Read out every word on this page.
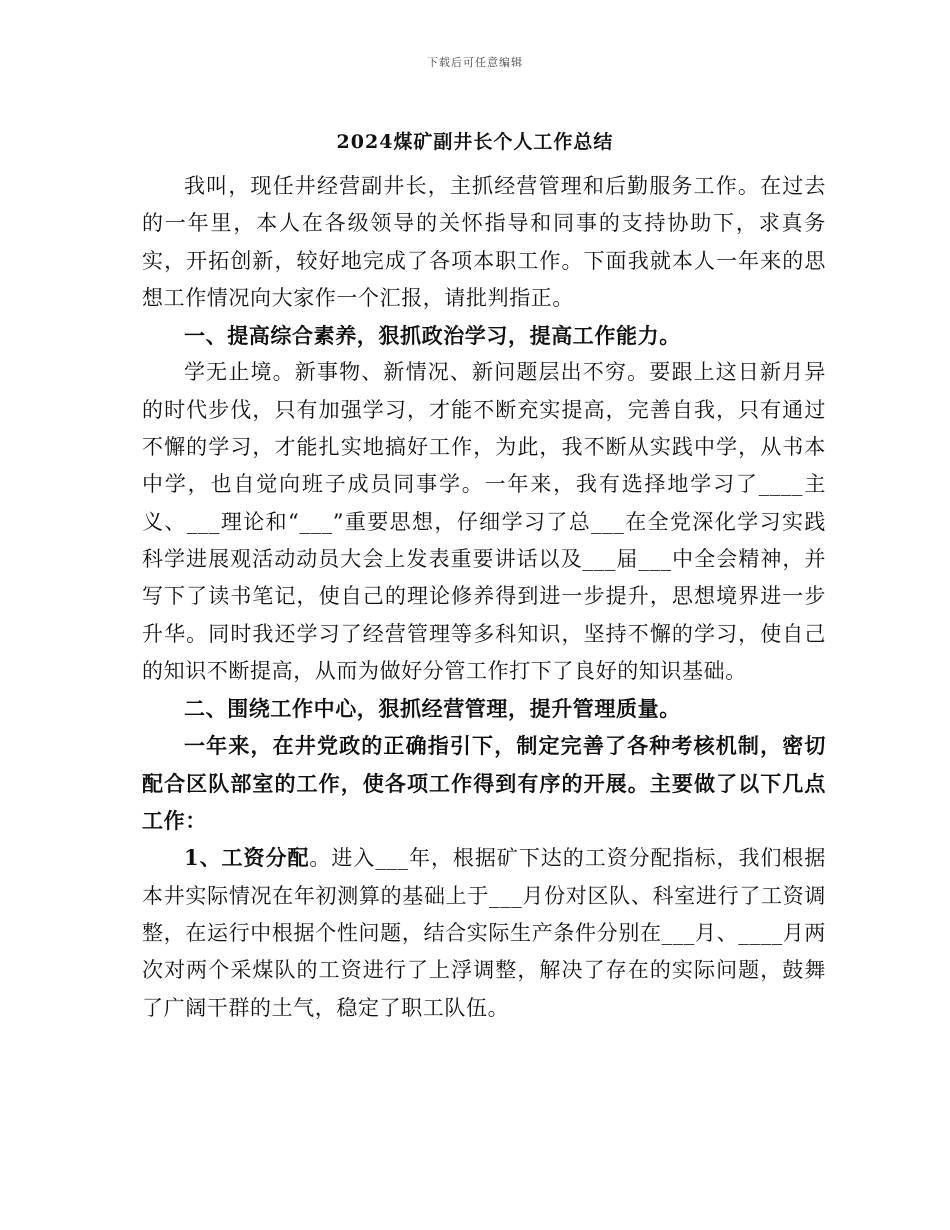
下载后可任意编辑
2024煤矿副井长个人工作总结

我叫，现任井经营副井长，主抓经营管理和后勤服务工作。在过去的一年里，本人在各级领导的关怀指导和同事的支持协助下，求真务实，开拓创新，较好地完成了各项本职工作。下面我就本人一年来的思想工作情况向大家作一个汇报，请批判指正。

一、提高综合素养，狠抓政治学习，提高工作能力。

学无止境。新事物、新情况、新问题层出不穷。要跟上这日新月异的时代步伐，只有加强学习，才能不断充实提高，完善自我，只有通过不懈的学习，才能扎实地搞好工作，为此，我不断从实践中学，从书本中学，也自觉向班子成员同事学。一年来，我有选择地学习了____主义、___理论和“___”重要思想，仔细学习了总___在全党深化学习实践科学进展观活动动员大会上发表重要讲话以及___届___中全会精神，并写下了读书笔记，使自己的理论修养得到进一步提升，思想境界进一步升华。同时我还学习了经营管理等多科知识，坚持不懈的学习，使自己的知识不断提高，从而为做好分管工作打下了良好的知识基础。

二、围绕工作中心，狠抓经营管理，提升管理质量。

一年来，在井党政的正确指引下，制定完善了各种考核机制，密切配合区队部室的工作，使各项工作得到有序的开展。主要做了以下几点工作：

1、工资分配。进入___年，根据矿下达的工资分配指标，我们根据本井实际情况在年初测算的基础上于___月份对区队、科室进行了工资调整，在运行中根据个性问题，结合实际生产条件分别在___月、____月两次对两个采煤队的工资进行了上浮调整，解决了存在的实际问题，鼓舞了广阔干群的土气，稳定了职工队伍。
